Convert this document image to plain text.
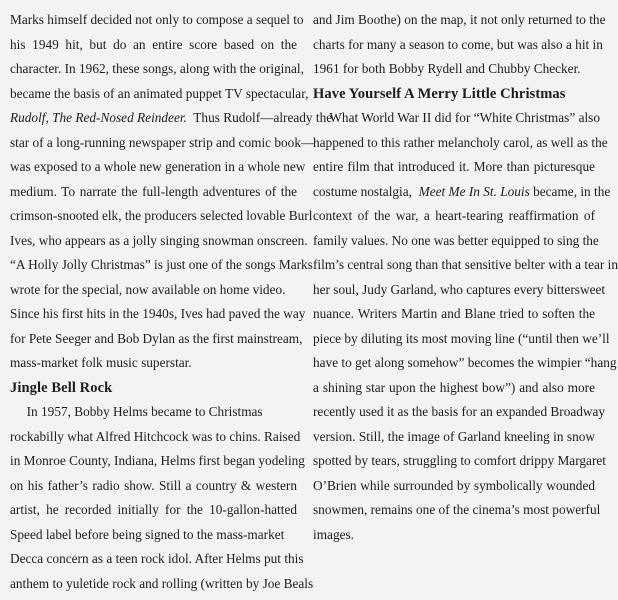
Marks himself decided not only to compose a sequel to
his 1949 hit, but do an entire score based on the
character. In 1962, these songs, along with the original,
became the basis of an animated puppet TV spectacular,
Rudolf, The Red-Nosed Reindeer.  Thus Rudolf—already the
star of a long-running newspaper strip and comic book—
was exposed to a whole new generation in a whole new
medium. To narrate the full-length adventures of the
crimson-snooted elk, the producers selected lovable Burl
Ives, who appears as a jolly singing snowman onscreen.
“A Holly Jolly Christmas” is just one of the songs Marks
wrote for the special, now available on home video.
Since his first hits in the 1940s, Ives had paved the way
for Pete Seeger and Bob Dylan as the first mainstream,
mass-market folk music superstar.
Jingle Bell Rock
In 1957, Bobby Helms became to Christmas
rockabilly what Alfred Hitchcock was to chins. Raised
in Monroe County, Indiana, Helms first began yodeling
on his father’s radio show. Still a country & western
artist, he recorded initially for the 10-gallon-hatted
Speed label before being signed to the mass-market
Decca concern as a teen rock idol. After Helms put this
anthem to yuletide rock and rolling (written by Joe Beals
and Jim Boothe) on the map, it not only returned to the
charts for many a season to come, but was also a hit in
1961 for both Bobby Rydell and Chubby Checker.
Have Yourself A Merry Little Christmas
What World War II did for “White Christmas” also
happened to this rather melancholy carol, as well as the
entire film that introduced it. More than picturesque
costume nostalgia,  Meet Me In St. Louis became, in the
context of the war, a heart-tearing reaffirmation of
family values. No one was better equipped to sing the
film’s central song than that sensitive belter with a tear in
her soul, Judy Garland, who captures every bittersweet
nuance. Writers Martin and Blane tried to soften the
piece by diluting its most moving line (“until then we’ll
have to get along somehow” becomes the wimpier “hang
a shining star upon the highest bow”) and also more
recently used it as the basis for an expanded Broadway
version. Still, the image of Garland kneeling in snow
spotted by tears, struggling to comfort drippy Margaret
O’Brien while surrounded by symbolically wounded
snowmen, remains one of the cinema’s most powerful
images.
